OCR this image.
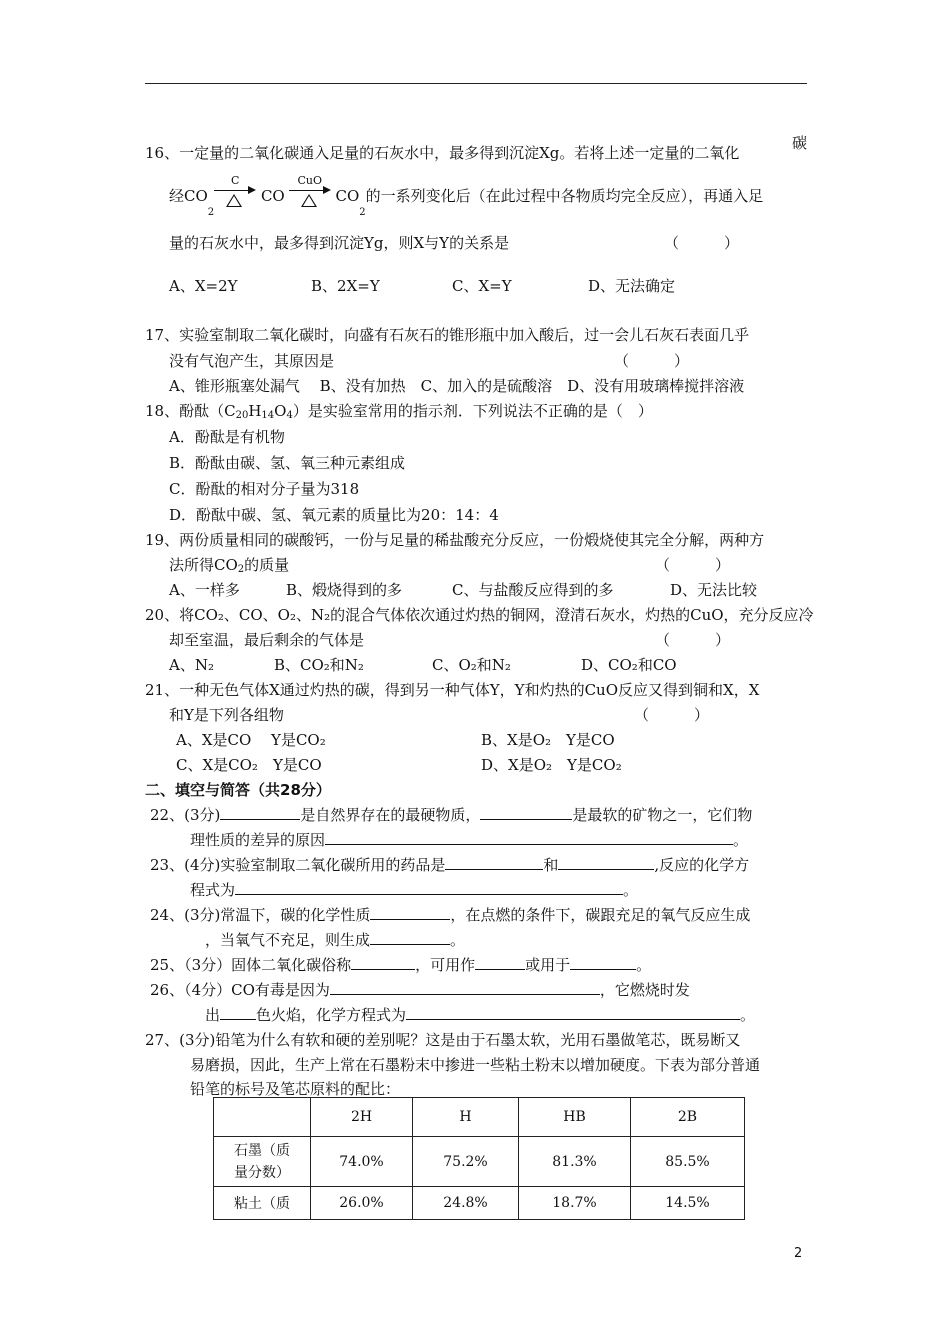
16、一定量的二氧化碳通入足量的石灰水中，最多得到沉淀Xg。若将上述一定量的二氧化
碳
经$CO_2$
C
CO
CuO
$CO_2$的一系列变化后（在此过程中各物质均完全反应），再通入足
量的石灰水中，最多得到沉淀Yg，则X与Y的关系是	（　　　）
A、X=2Y	B、2X=Y	C、X=Y	D、无法确定
17、实验室制取二氧化碳时，向盛有石灰石的锥形瓶中加入酸后，过一会儿石灰石表面几乎
没有气泡产生，其原因是	（　　　）
A、锥形瓶塞处漏气　 B、没有加热　C、加入的是硫酸溶　D、没有用玻璃棒搅拌溶液
18、酚酞$(C_{20}H_{14}O_4)$是实验室常用的指示剂．下列说法不正确的是（　）
A．酚酞是有机物
B．酚酞由碳、氢、氧三种元素组成
C．酚酞的相对分子量为318
D．酚酞中碳、氢、氧元素的质量比为20：14：4
19、两份质量相同的碳酸钙，一份与足量的稀盐酸充分反应，一份煅烧使其完全分解，两种方
法所得$CO_2$的质量	（　　　）
A、一样多	B、煅烧得到的多	C、与盐酸反应得到的多	D、无法比较
20、将CO₂、CO、O₂、N₂的混合气体依次通过灼热的铜网，澄清石灰水，灼热的CuO，充分反应冷
却至室温，最后剩余的气体是	（　　　）
A、N₂	B、CO₂和N₂	C、O₂和N₂	D、CO₂和CO
21、一种无色气体X通过灼热的碳，得到另一种气体Y，Y和灼热的CuO反应又得到铜和X，X
和Y是下列各组物	（　　　）
A、X是CO　 Y是CO₂	B、X是O₂　Y是CO
C、X是CO₂　Y是CO	D、X是O₂　Y是CO₂
二、填空与简答（共28分）
22、(3分)	是自然界存在的最硬物质，	是最软的矿物之一，它们物
理性质的差异的原因	。
23、(4分)实验室制取二氧化碳所用的药品是	和	,反应的化学方
程式为	。
24、(3分)常温下，碳的化学性质	，在点燃的条件下，碳跟充足的氧气反应生成
，当氧气不充足，则生成	。
25、（3分）固体二氧化碳俗称	，可用作	或用于	。
26、（4分）CO有毒是因为	，它燃烧时发
出 色火焰，化学方程式为	。
27、(3分)铅笔为什么有软和硬的差别呢？这是由于石墨太软，光用石墨做笔芯，既易断又
易磨损，因此，生产上常在石墨粉末中掺进一些粘土粉末以增加硬度。下表为部分普通
铅笔的标号及笔芯原料的配比：
	2H	H	HB	2B
石墨（质
量分数）	74.0%	75.2%	81.3%	85.5%
粘土（质	26.0%	24.8%	18.7%	14.5%
2
